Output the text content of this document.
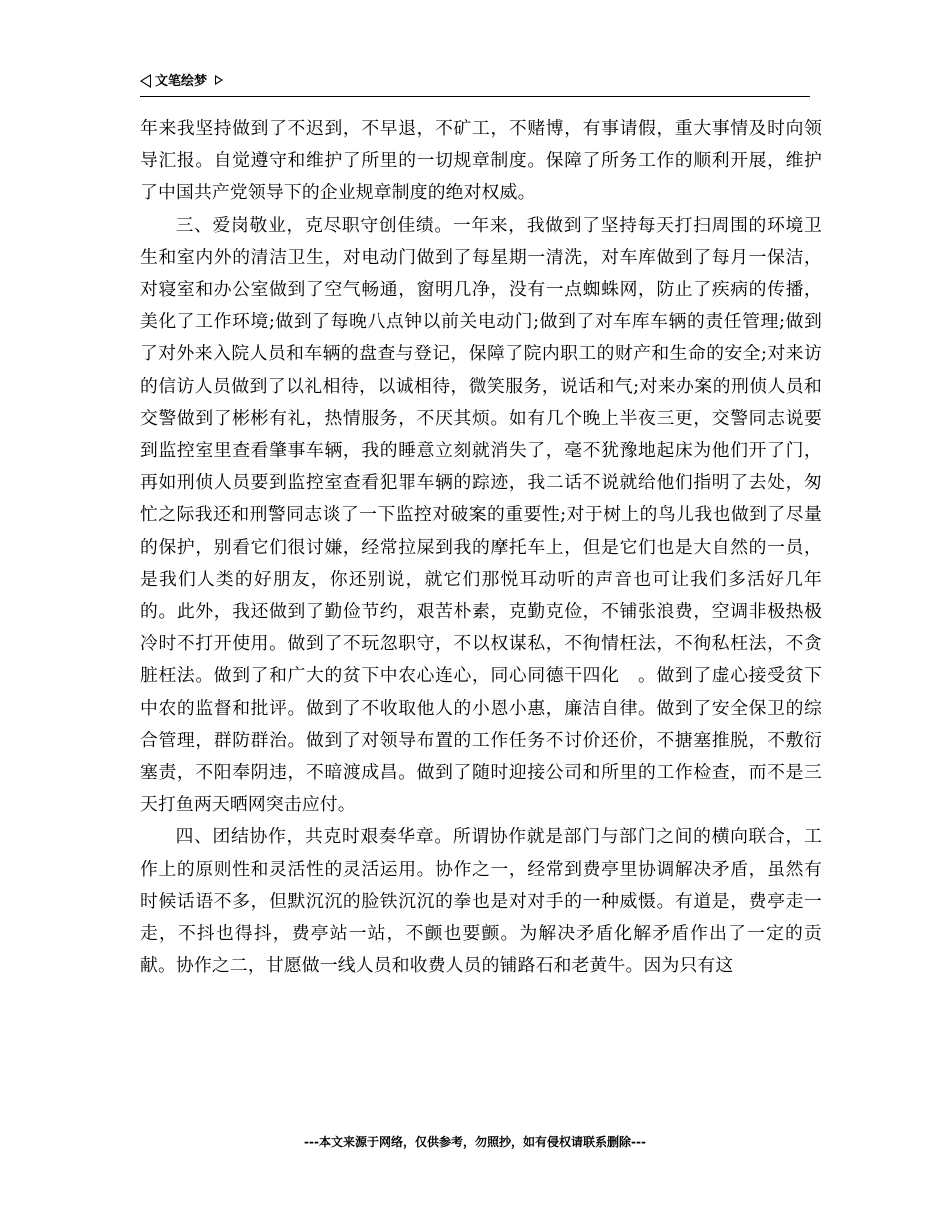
文笔绘梦

年来我坚持做到了不迟到，不早退，不矿工，不赌博，有事请假，重大事情及时向领导汇报。自觉遵守和维护了所里的一切规章制度。保障了所务工作的顺利开展，维护了中国共产党领导下的企业规章制度的绝对权威。

三、爱岗敬业，克尽职守创佳绩。一年来，我做到了坚持每天打扫周围的环境卫生和室内外的清洁卫生，对电动门做到了每星期一清洗，对车库做到了每月一保洁，对寝室和办公室做到了空气畅通，窗明几净，没有一点蜘蛛网，防止了疾病的传播，美化了工作环境;做到了每晚八点钟以前关电动门;做到了对车库车辆的责任管理;做到了对外来入院人员和车辆的盘查与登记，保障了院内职工的财产和生命的安全;对来访的信访人员做到了以礼相待，以诚相待，微笑服务，说话和气;对来办案的刑侦人员和交警做到了彬彬有礼，热情服务，不厌其烦。如有几个晚上半夜三更，交警同志说要到监控室里查看肇事车辆，我的睡意立刻就消失了，毫不犹豫地起床为他们开了门，再如刑侦人员要到监控室查看犯罪车辆的踪迹，我二话不说就给他们指明了去处，匆忙之际我还和刑警同志谈了一下监控对破案的重要性;对于树上的鸟儿我也做到了尽量的保护，别看它们很讨嫌，经常拉屎到我的摩托车上，但是它们也是大自然的一员，是我们人类的好朋友，你还别说，就它们那悦耳动听的声音也可让我们多活好几年的。此外，我还做到了勤俭节约，艰苦朴素，克勤克俭，不铺张浪费，空调非极热极冷时不打开使用。做到了不玩忽职守，不以权谋私，不徇情枉法，不徇私枉法，不贪脏枉法。做到了和广大的贫下中农心连心，同心同德干四化　。做到了虚心接受贫下中农的监督和批评。做到了不收取他人的小恩小惠，廉洁自律。做到了安全保卫的综合管理，群防群治。做到了对领导布置的工作任务不讨价还价，不搪塞推脱，不敷衍塞责，不阳奉阴违，不暗渡成昌。做到了随时迎接公司和所里的工作检查，而不是三天打鱼两天晒网突击应付。

四、团结协作，共克时艰奏华章。所谓协作就是部门与部门之间的横向联合，工作上的原则性和灵活性的灵活运用。协作之一，经常到费亭里协调解决矛盾，虽然有时候话语不多，但默沉沉的脸铁沉沉的拳也是对对手的一种威慑。有道是，费亭走一走，不抖也得抖，费亭站一站，不颤也要颤。为解决矛盾化解矛盾作出了一定的贡献。协作之二，甘愿做一线人员和收费人员的铺路石和老黄牛。因为只有这

---本文来源于网络，仅供参考，勿照抄，如有侵权请联系删除---
